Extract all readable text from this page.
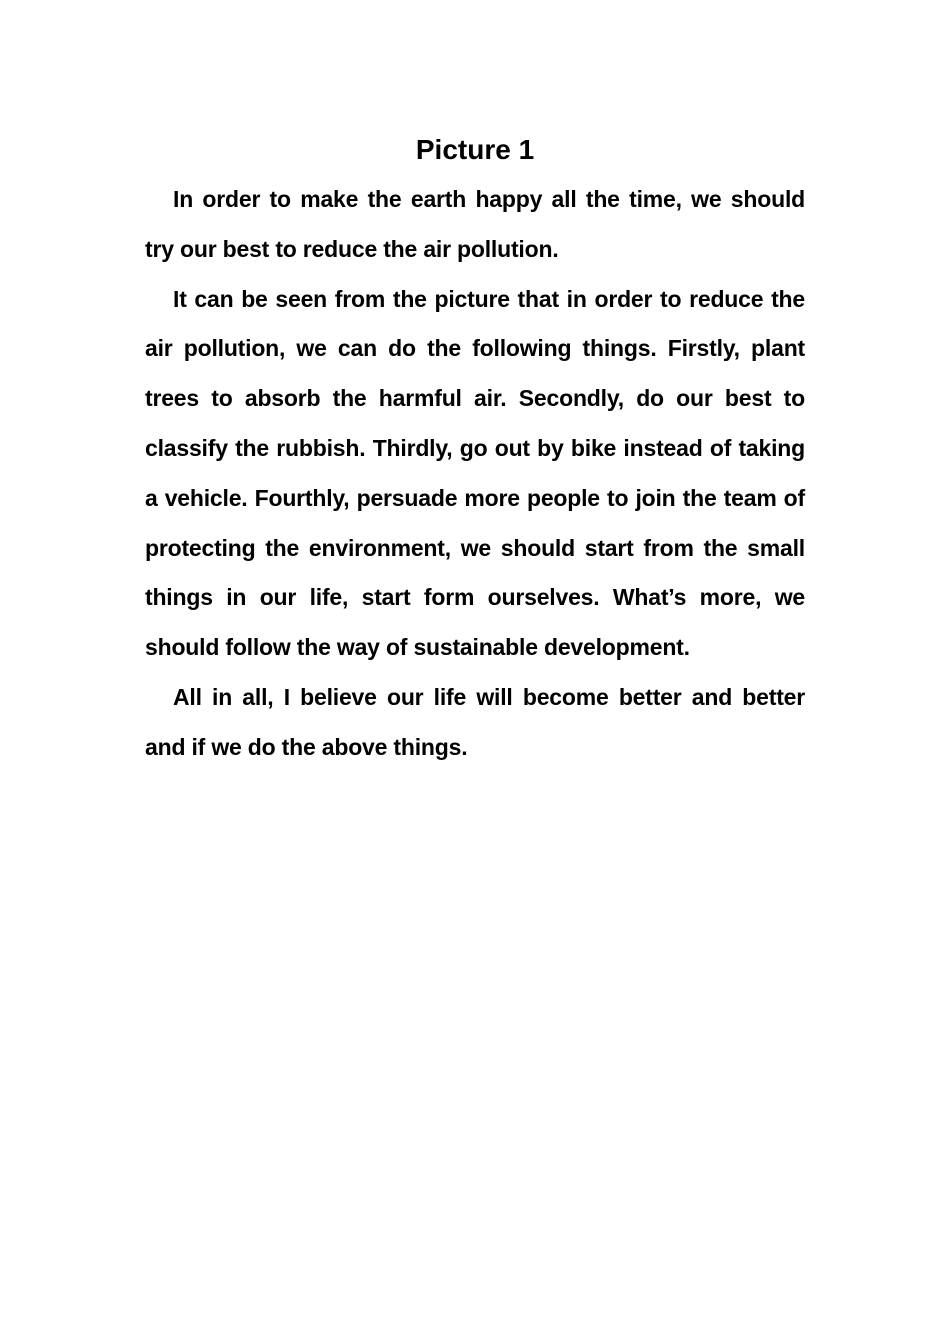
Picture 1

In order to make the earth happy all the time, we should try our best to reduce the air pollution.

It can be seen from the picture that in order to reduce the air pollution, we can do the following things. Firstly, plant trees to absorb the harmful air. Secondly, do our best to classify the rubbish. Thirdly, go out by bike instead of taking a vehicle. Fourthly, persuade more people to join the team of protecting the environment, we should start from the small things in our life, start form ourselves. What’s more, we should follow the way of sustainable development.

All in all, I believe our life will become better and better and if we do the above things.
